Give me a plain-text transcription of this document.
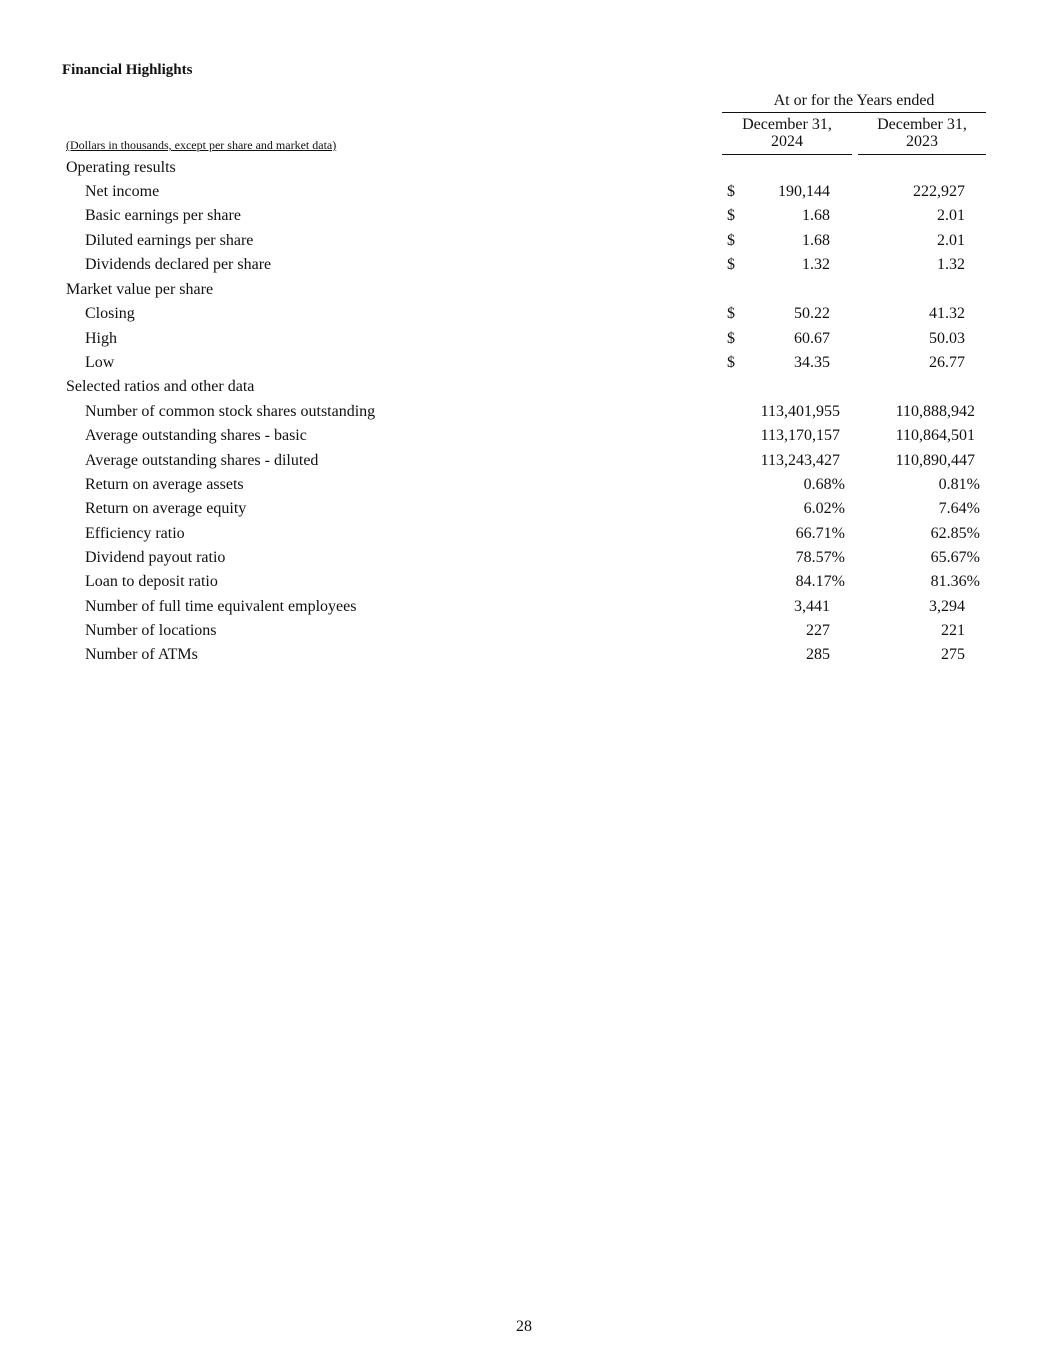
Financial Highlights
At or for the Years ended
December 31,
2024
December 31,
2023
(Dollars in thousands, except per share and market data)
Operating results
Net income	$	190,144	222,927
Basic earnings per share	$	1.68	2.01
Diluted earnings per share	$	1.68	2.01
Dividends declared per share	$	1.32	1.32
Market value per share
Closing	$	50.22	41.32
High	$	60.67	50.03
Low	$	34.35	26.77
Selected ratios and other data
Number of common stock shares outstanding	113,401,955	110,888,942
Average outstanding shares - basic	113,170,157	110,864,501
Average outstanding shares - diluted	113,243,427	110,890,447
Return on average assets	0.68%	0.81%
Return on average equity	6.02%	7.64%
Efficiency ratio	66.71%	62.85%
Dividend payout ratio	78.57%	65.67%
Loan to deposit ratio	84.17%	81.36%
Number of full time equivalent employees	3,441	3,294
Number of locations	227	221
Number of ATMs	285	275
28
